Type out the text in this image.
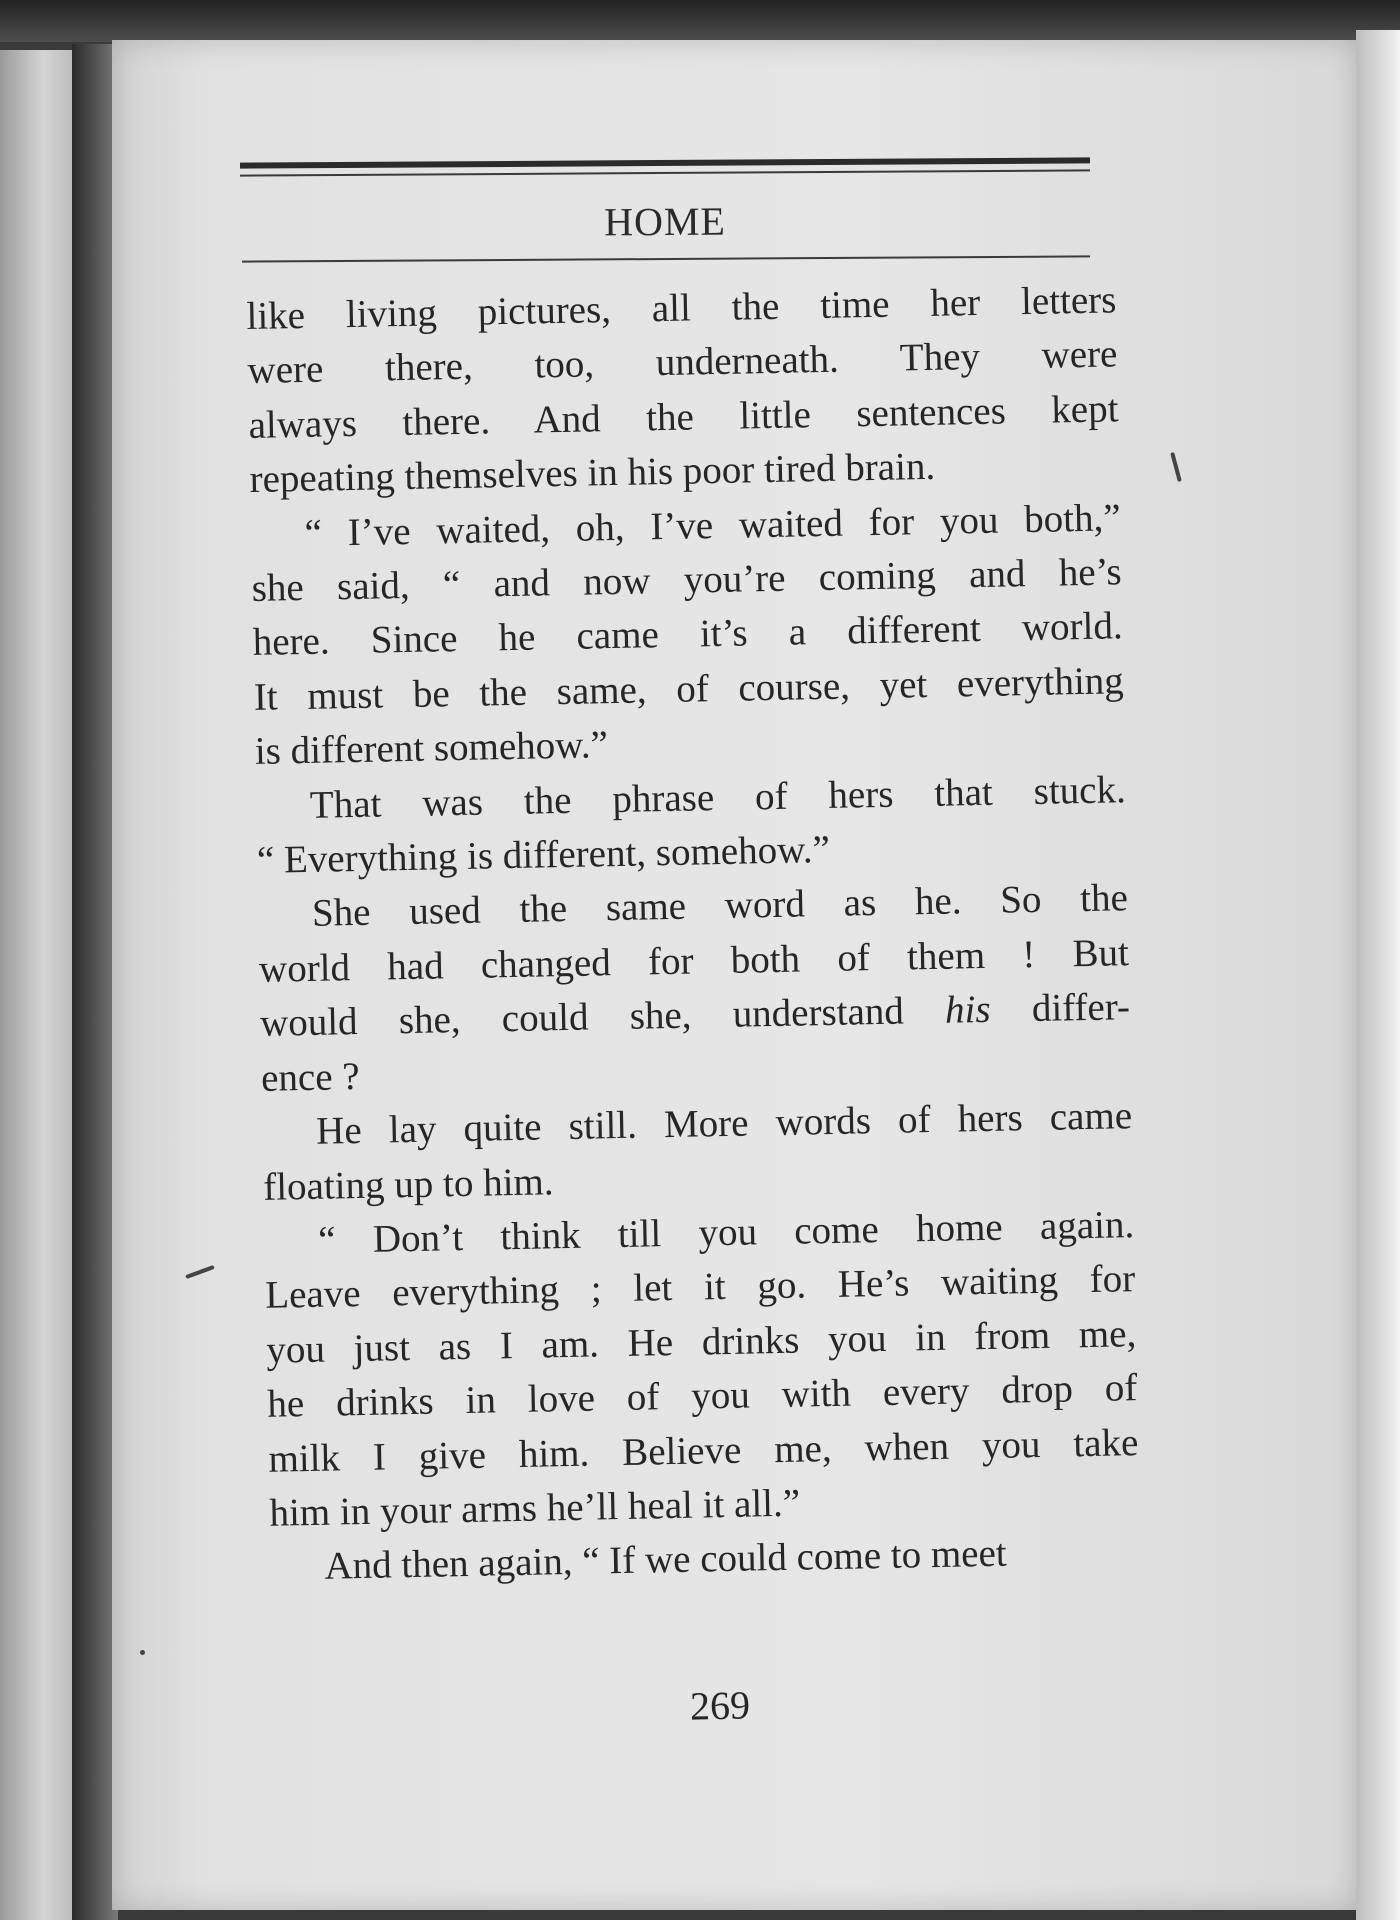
HOME

like living pictures, all the time her letters
were there, too, underneath. They were
always there. And the little sentences kept
repeating themselves in his poor tired brain.

“ I’ve waited, oh, I’ve waited for you both,”
she said, “ and now you’re coming and he’s
here. Since he came it’s a different world.
It must be the same, of course, yet everything
is different somehow.”

That was the phrase of hers that stuck.
“ Everything is different, somehow.”

She used the same word as he. So the
world had changed for both of them ! But
would she, could she, understand his differ-
ence ?

He lay quite still. More words of hers came
floating up to him.

“ Don’t think till you come home again.
Leave everything ; let it go. He’s waiting for
you just as I am. He drinks you in from me,
he drinks in love of you with every drop of
milk I give him. Believe me, when you take
him in your arms he’ll heal it all.”

And then again, “ If we could come to meet

269
